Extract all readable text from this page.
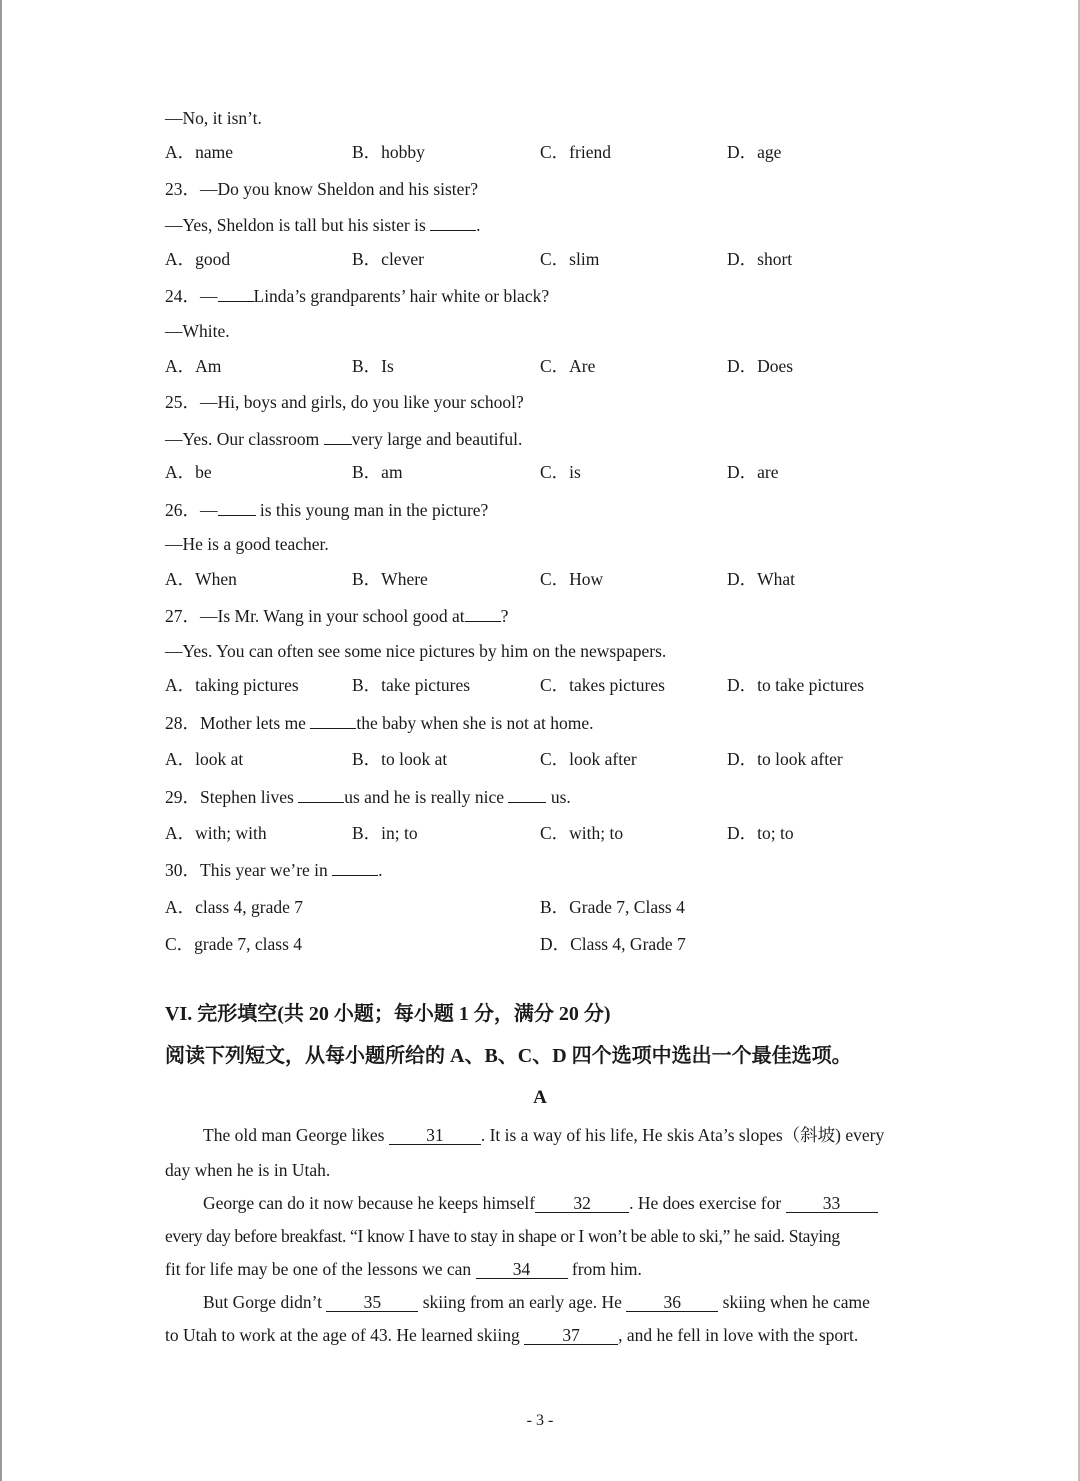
—No, it isn’t.
A．name	B．hobby	C．friend	D．age
23．—Do you know Sheldon and his sister?
—Yes, Sheldon is tall but his sister is	.
A．good	B．clever	C．slim	D．short
24．— Linda’s grandparents’ hair white or black?
—White.
A．Am	B．Is	C．Are	D．Does
25．—Hi, boys and girls, do you like your school?
—Yes. Our classroom very large and beautiful.
A．be	B．am	C．is	D．are
26．— is this young man in the picture?
—He is a good teacher.
A．When	B．Where	C．How	D．What
27．—Is Mr. Wang in your school good at ?
—Yes. You can often see some nice pictures by him on the newspapers.
A．taking pictures	B．take pictures	C．takes pictures	D．to take pictures
28．Mother lets me	the baby when she is not at home.
A．look at	B．to look at	C．look after	D．to look after
29．Stephen lives	us and he is really nice	us.
A．with; with	B．in; to	C．with; to	D．to; to
30．This year we’re in	.
A．class 4, grade 7	B．Grade 7, Class 4
C．grade 7, class 4	D．Class 4, Grade 7
VI. 完形填空(共 20 小题；每小题 1 分，满分 20 分)
阅读下列短文，从每小题所给的 A、B、C、D 四个选项中选出一个最佳选项。
A
The old man George likes 31 . It is a way of his life, He skis Ata’s slopes（斜坡) every
day when he is in Utah.
George can do it now because he keeps himself 32 . He does exercise for 33
every day before breakfast. “I know I have to stay in shape or I won’t be able to ski,” he said. Staying
fit for life may be one of the lessons we can 34 from him.
But Gorge didn’t 35 skiing from an early age. He 36 skiing when he came
to Utah to work at the age of 43. He learned skiing 37 , and he fell in love with the sport.
- 3 -
